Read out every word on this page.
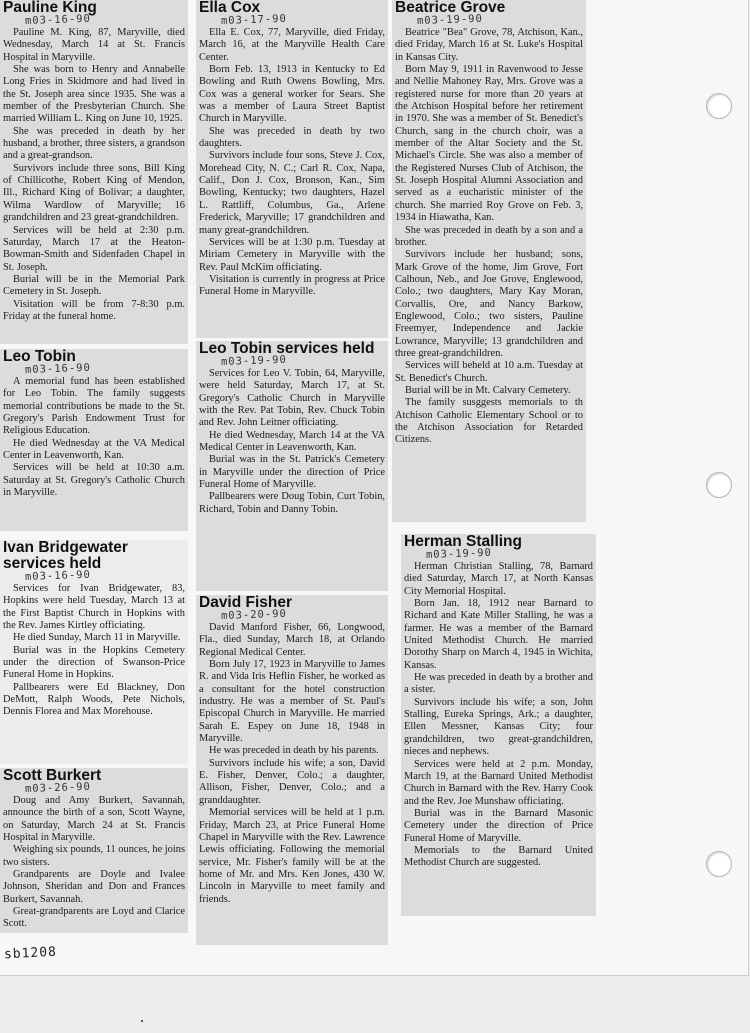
Pauline King
m03-16-90

Pauline M. King, 87, Maryville, died Wednesday, March 14 at St. Francis Hospital in Maryville.

She was born to Henry and Annabelle Long Fries in Skidmore and had lived in the St. Joseph area since 1935. She was a member of the Presbyterian Church. She married William L. King on June 10, 1925.

She was preceded in death by her husband, a brother, three sisters, a grandson and a great-grandson.

Survivors include three sons, Bill King of Chillicothe, Robert King of Mendon, Ill., Richard King of Bolivar; a daughter, Wilma Wardlow of Maryville; 16 grandchildren and 23 great-grandchildren.

Services will be held at 2:30 p.m. Saturday, March 17 at the Heaton-Bowman-Smith and Sidenfaden Chapel in St. Joseph.

Burial will be in the Memorial Park Cemetery in St. Joseph.

Visitation will be from 7-8:30 p.m. Friday at the funeral home.

Leo Tobin
m03-16-90

A memorial fund has been established for Leo Tobin. The family suggests memorial contributions be made to the St. Gregory's Parish Endowment Trust for Religious Education.

He died Wednesday at the VA Medical Center in Leavenworth, Kan.

Services will be held at 10:30 a.m. Saturday at St. Gregory's Catholic Church in Maryville.

Ivan Bridgewater services held
m03-16-90

Services for Ivan Bridgewater, 83, Hopkins were held Tuesday, March 13 at the First Baptist Church in Hopkins with the Rev. James Kirtley officiating.

He died Sunday, March 11 in Maryville.

Burial was in the Hopkins Cemetery under the direction of Swanson-Price Funeral Home in Hopkins.

Pallbearers were Ed Blackney, Don DeMott, Ralph Woods, Pete Nichols, Dennis Florea and Max Morehouse.

Scott Burkert
m03-26-90

Doug and Amy Burkert, Savannah, announce the birth of a son, Scott Wayne, on Saturday, March 24 at St. Francis Hospital in Maryville.

Weighing six pounds, 11 ounces, he joins two sisters.

Grandparents are Doyle and Ivalee Johnson, Sheridan and Don and Frances Burkert, Savannah.

Great-grandparents are Loyd and Clarice Scott.

Ella Cox
m03-17-90

Ella E. Cox, 77, Maryville, died Friday, March 16, at the Maryville Health Care Center.

Born Feb. 13, 1913 in Kentucky to Ed Bowling and Ruth Owens Bowling, Mrs. Cox was a general worker for Sears. She was a member of Laura Street Baptist Church in Maryville.

She was preceded in death by two daughters.

Survivors include four sons, Steve J. Cox, Morehead City, N. C.; Carl R. Cox, Napa, Calif., Don J. Cox, Bronson, Kan., Sim Bowling, Kentucky; two daughters, Hazel L. Rattliff, Columbus, Ga., Arlene Frederick, Maryville; 17 grandchildren and many great-grandchildren.

Services will be at 1:30 p.m. Tuesday at Miriam Cemetery in Maryville with the Rev. Paul McKim officiating.

Visitation is currently in progress at Price Funeral Home in Maryville.

Leo Tobin services held
m03-19-90

Services for Leo V. Tobin, 64, Maryville, were held Saturday, March 17, at St. Gregory's Catholic Church in Maryville with the Rev. Pat Tobin, Rev. Chuck Tobin and Rev. John Leitner officiating.

He died Wednesday, March 14 at the VA Medical Center in Leavenworth, Kan.

Burial was in the St. Patrick's Cemetery in Maryville under the direction of Price Funeral Home of Maryville.

Pallbearers were Doug Tobin, Curt Tobin, Richard, Tobin and Danny Tobin.

David Fisher
m03-20-90

David Manford Fisher, 66, Longwood, Fla., died Sunday, March 18, at Orlando Regional Medical Center.

Born July 17, 1923 in Maryville to James R. and Vida Iris Heflin Fisher, he worked as a consultant for the hotel construction industry. He was a member of St. Paul's Episcopal Church in Maryville. He married Sarah E. Espey on June 18, 1948 in Maryville.

He was preceded in death by his parents.

Survivors include his wife; a son, David E. Fisher, Denver, Colo.; a daughter, Allison, Fisher, Denver, Colo.; and a granddaughter.

Memorial services will be held at 1 p.m. Friday, March 23, at Price Funeral Home Chapel in Maryville with the Rev. Lawrence Lewis officiating. Following the memorial service, Mr. Fisher's family will be at the home of Mr. and Mrs. Ken Jones, 430 W. Lincoln in Maryville to meet family and friends.

Beatrice Grove
m03-19-90

Beatrice "Bea" Grove, 78, Atchison, Kan., died Friday, March 16 at St. Luke's Hospital in Kansas City.

Born May 9, 1911 in Ravenwood to Jesse and Nellie Mahoney Ray, Mrs. Grove was a registered nurse for more than 20 years at the Atchison Hospital before her retirement in 1970. She was a member of St. Benedict's Church, sang in the church choir, was a member of the Altar Society and the St. Michael's Circle. She was also a member of the Registered Nurses Club of Atchison, the St. Joseph Hospital Alumni Association and served as a eucharistic minister of the church. She married Roy Grove on Feb. 3, 1934 in Hiawatha, Kan.

She was preceded in death by a son and a brother.

Survivors include her husband; sons, Mark Grove of the home, Jim Grove, Fort Calhoun, Neb., and Joe Grove, Englewood, Colo.; two daughters, Mary Kay Moran, Corvallis, Ore, and Nancy Barkow, Englewood, Colo.; two sisters, Pauline Freemyer, Independence and Jackie Lowrance, Maryville; 13 grandchildren and three great-grandchildren.

Services will beheld at 10 a.m. Tuesday at St. Benedict's Church.

Burial will be in Mt. Calvary Cemetery.

The family susggests memorials to th Atchison Catholic Elementary School or to the Atchison Association for Retarded Citizens.

Herman Stalling
m03-19-90

Herman Christian Stalling, 78, Barnard died Saturday, March 17, at North Kansas City Memorial Hospital.

Born Jan. 18, 1912 near Barnard to Richard and Kate Miller Stalling, he was a farmer. He was a member of the Barnard United Methodist Church. He married Dorothy Sharp on March 4, 1945 in Wichita, Kansas.

He was preceded in death by a brother and a sister.

Survivors include his wife; a son, John Stalling, Eureka Springs, Ark.; a daughter, Ellen Messner, Kansas City; four grandchildren, two great-grandchildren, nieces and nephews.

Services were held at 2 p.m. Monday, March 19, at the Barnard United Methodist Church in Barnard with the Rev. Harry Cook and the Rev. Joe Munshaw officiating.

Burial was in the Barnard Masonic Cemetery under the direction of Price Funeral Home of Maryville.

Memorials to the Barnard United Methodist Church are suggested.

sb1208
